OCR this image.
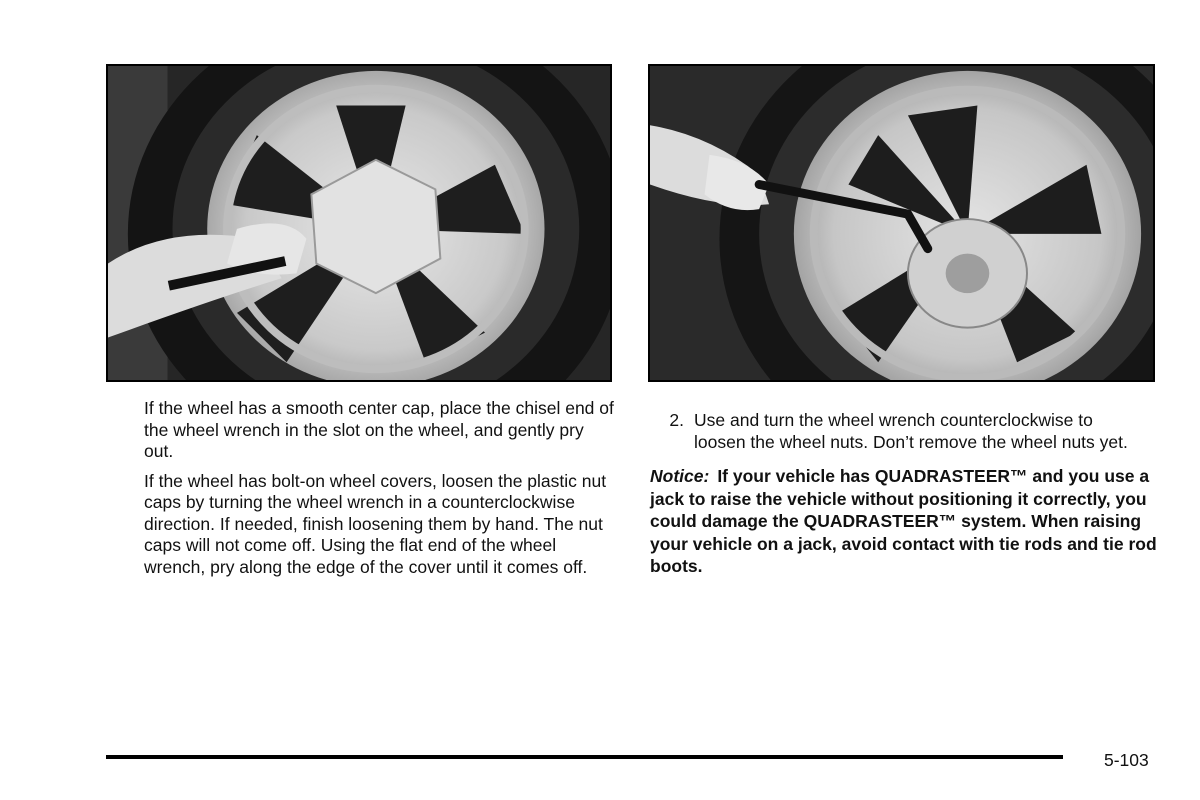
If the wheel has a smooth center cap, place the chisel end of the wheel wrench in the slot on the wheel, and gently pry out.

If the wheel has bolt-on wheel covers, loosen the plastic nut caps by turning the wheel wrench in a counterclockwise direction. If needed, finish loosening them by hand. The nut caps will not come off. Using the flat end of the wheel wrench, pry along the edge of the cover until it comes off.

2. Use and turn the wheel wrench counterclockwise to loosen the wheel nuts. Don’t remove the wheel nuts yet.

Notice: If your vehicle has QUADRASTEER™ and you use a jack to raise the vehicle without positioning it correctly, you could damage the QUADRASTEER™ system. When raising your vehicle on a jack, avoid contact with tie rods and tie rod boots.

5-103
